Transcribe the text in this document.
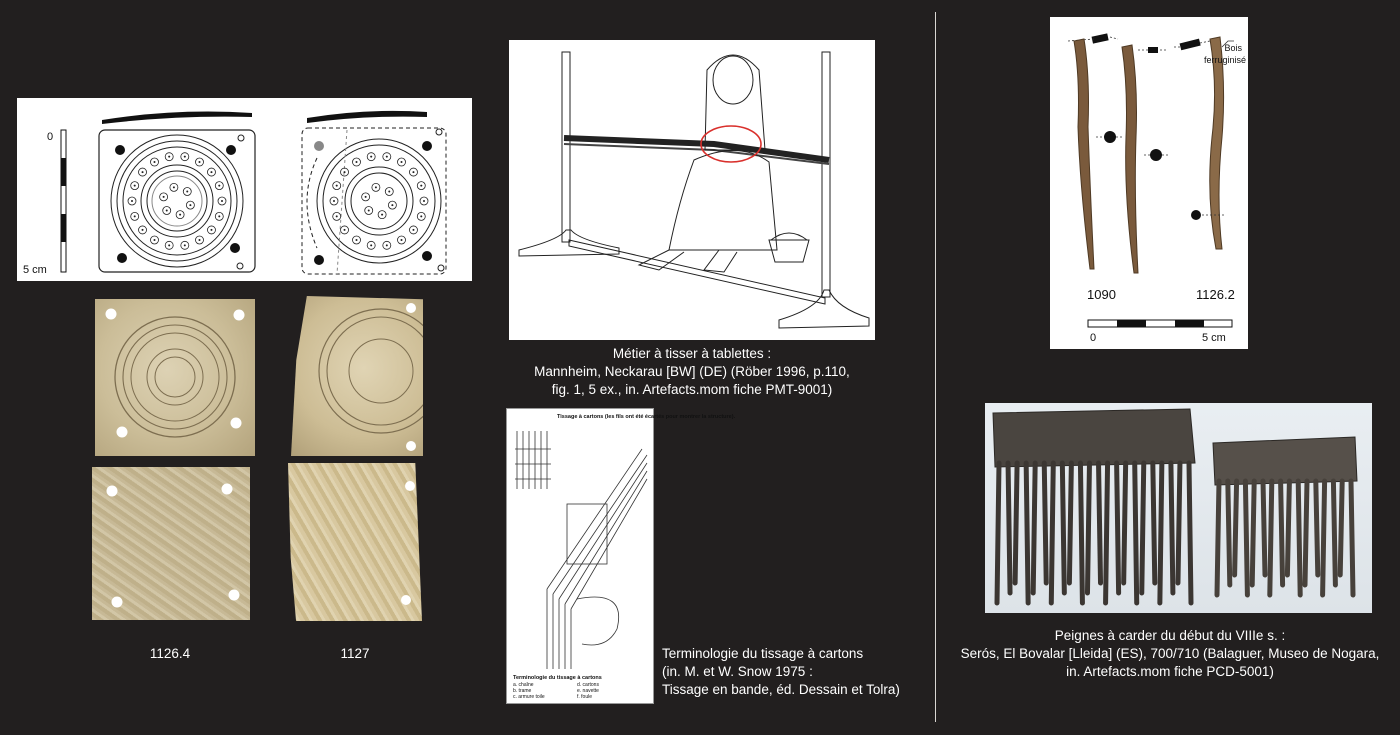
0
5 cm
1126.4	1127
Métier à tisser à tablettes :
Mannheim, Neckarau [BW] (DE) (Röber 1996, p.110,
fig. 1, 5 ex., in. Artefacts.mom fiche PMT-9001)
Tissage à cartons (les fils ont été écartés pour montrer la structure).
Terminologie du tissage à cartons
a. chaîne
b. trame
c. armure toile
d. cartons
e. navette
f. foule
Terminologie du tissage à cartons
(in. M. et W. Snow 1975 :
Tissage en bande, éd. Dessain et Tolra)
Bois
ferruginisé
1090	1126.2
0	5 cm
Peignes à carder du début du VIIIe s. :
Serós, El Bovalar [Lleida] (ES), 700/710 (Balaguer, Museo de Nogara,
in. Artefacts.mom fiche PCD-5001)
